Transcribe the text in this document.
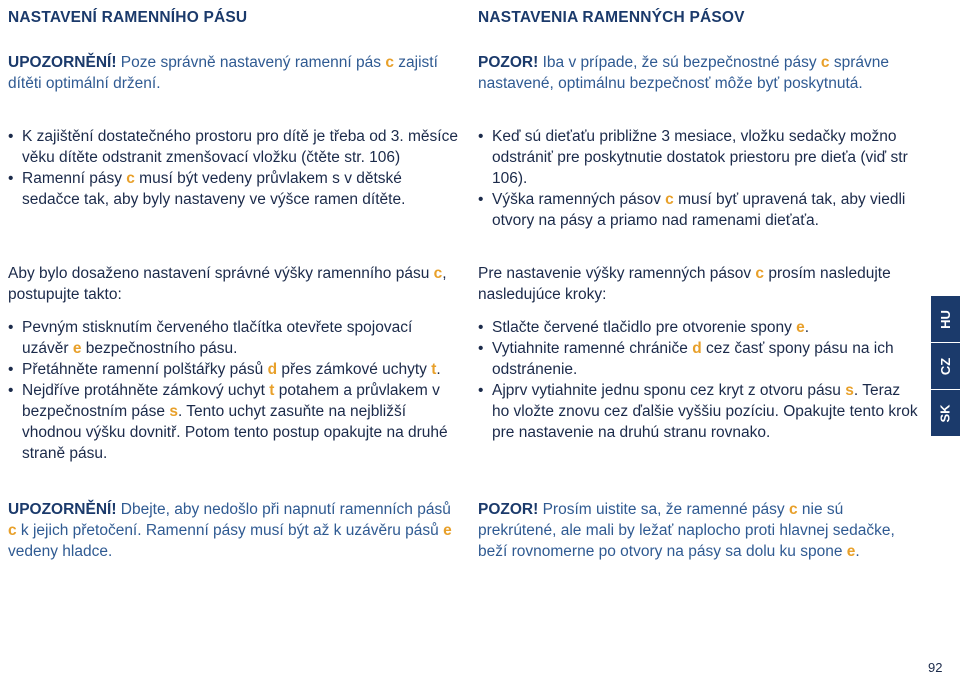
NASTAVENÍ RAMENNÍHO PÁSU

UPOZORNĚNÍ! Poze správně nastavený ramenní pás c zajistí dítěti optimální držení.

• K zajištění dostatečného prostoru pro dítě je třeba od 3. měsíce věku dítěte odstranit zmenšovací vložku (čtěte str. 106)
• Ramenní pásy c musí být vedeny průvlakem s v dětské sedačce tak, aby byly nastaveny ve výšce ramen dítěte.

Aby bylo dosaženo nastavení správné výšky ramenního pásu c, postupujte takto:

• Pevným stisknutím červeného tlačítka otevřete spojovací uzávěr e bezpečnostního pásu.
• Přetáhněte ramenní polštářky pásů d přes zámkové uchyty t.
• Nejdříve protáhněte zámkový uchyt t potahem a průvlakem v bezpečnostním páse s. Tento uchyt zasuňte na nejbližší vhodnou výšku dovnitř. Potom tento postup opakujte na druhé straně pásu.

UPOZORNĚNÍ! Dbejte, aby nedošlo při napnutí ramenních pásů c k jejich přetočení. Ramenní pásy musí být až k uzávěru pásů e vedeny hladce.

NASTAVENIA RAMENNÝCH PÁSOV

POZOR! Iba v prípade, že sú bezpečnostné pásy c správne nastavené, optimálnu bezpečnosť môže byť poskytnutá.

• Keď sú dieťaťu približne 3 mesiace, vložku sedačky možno odstrániť pre poskytnutie dostatok priestoru pre dieťa (viď str 106).
• Výška ramenných pásov c musí byť upravená tak, aby viedli otvory na pásy a priamo nad ramenami dieťaťa.

Pre nastavenie výšky ramenných pásov c prosím nasledujte nasledujúce kroky:

• Stlačte červené tlačidlo pre otvorenie spony e.
• Vytiahnite ramenné chrániče d cez časť spony pásu na ich odstránenie.
• Ajprv vytiahnite jednu sponu cez kryt z otvoru pásu s. Teraz ho vložte znovu cez ďalšie vyššiu pozíciu. Opakujte tento krok pre nastavenie na druhú stranu rovnako.

POZOR! Prosím uistite sa, že ramenné pásy c nie sú prekrútené, ale mali by ležať naplocho proti hlavnej sedačke, beží rovnomerne po otvory na pásy sa dolu ku spone e.

HU
CZ
SK
92
